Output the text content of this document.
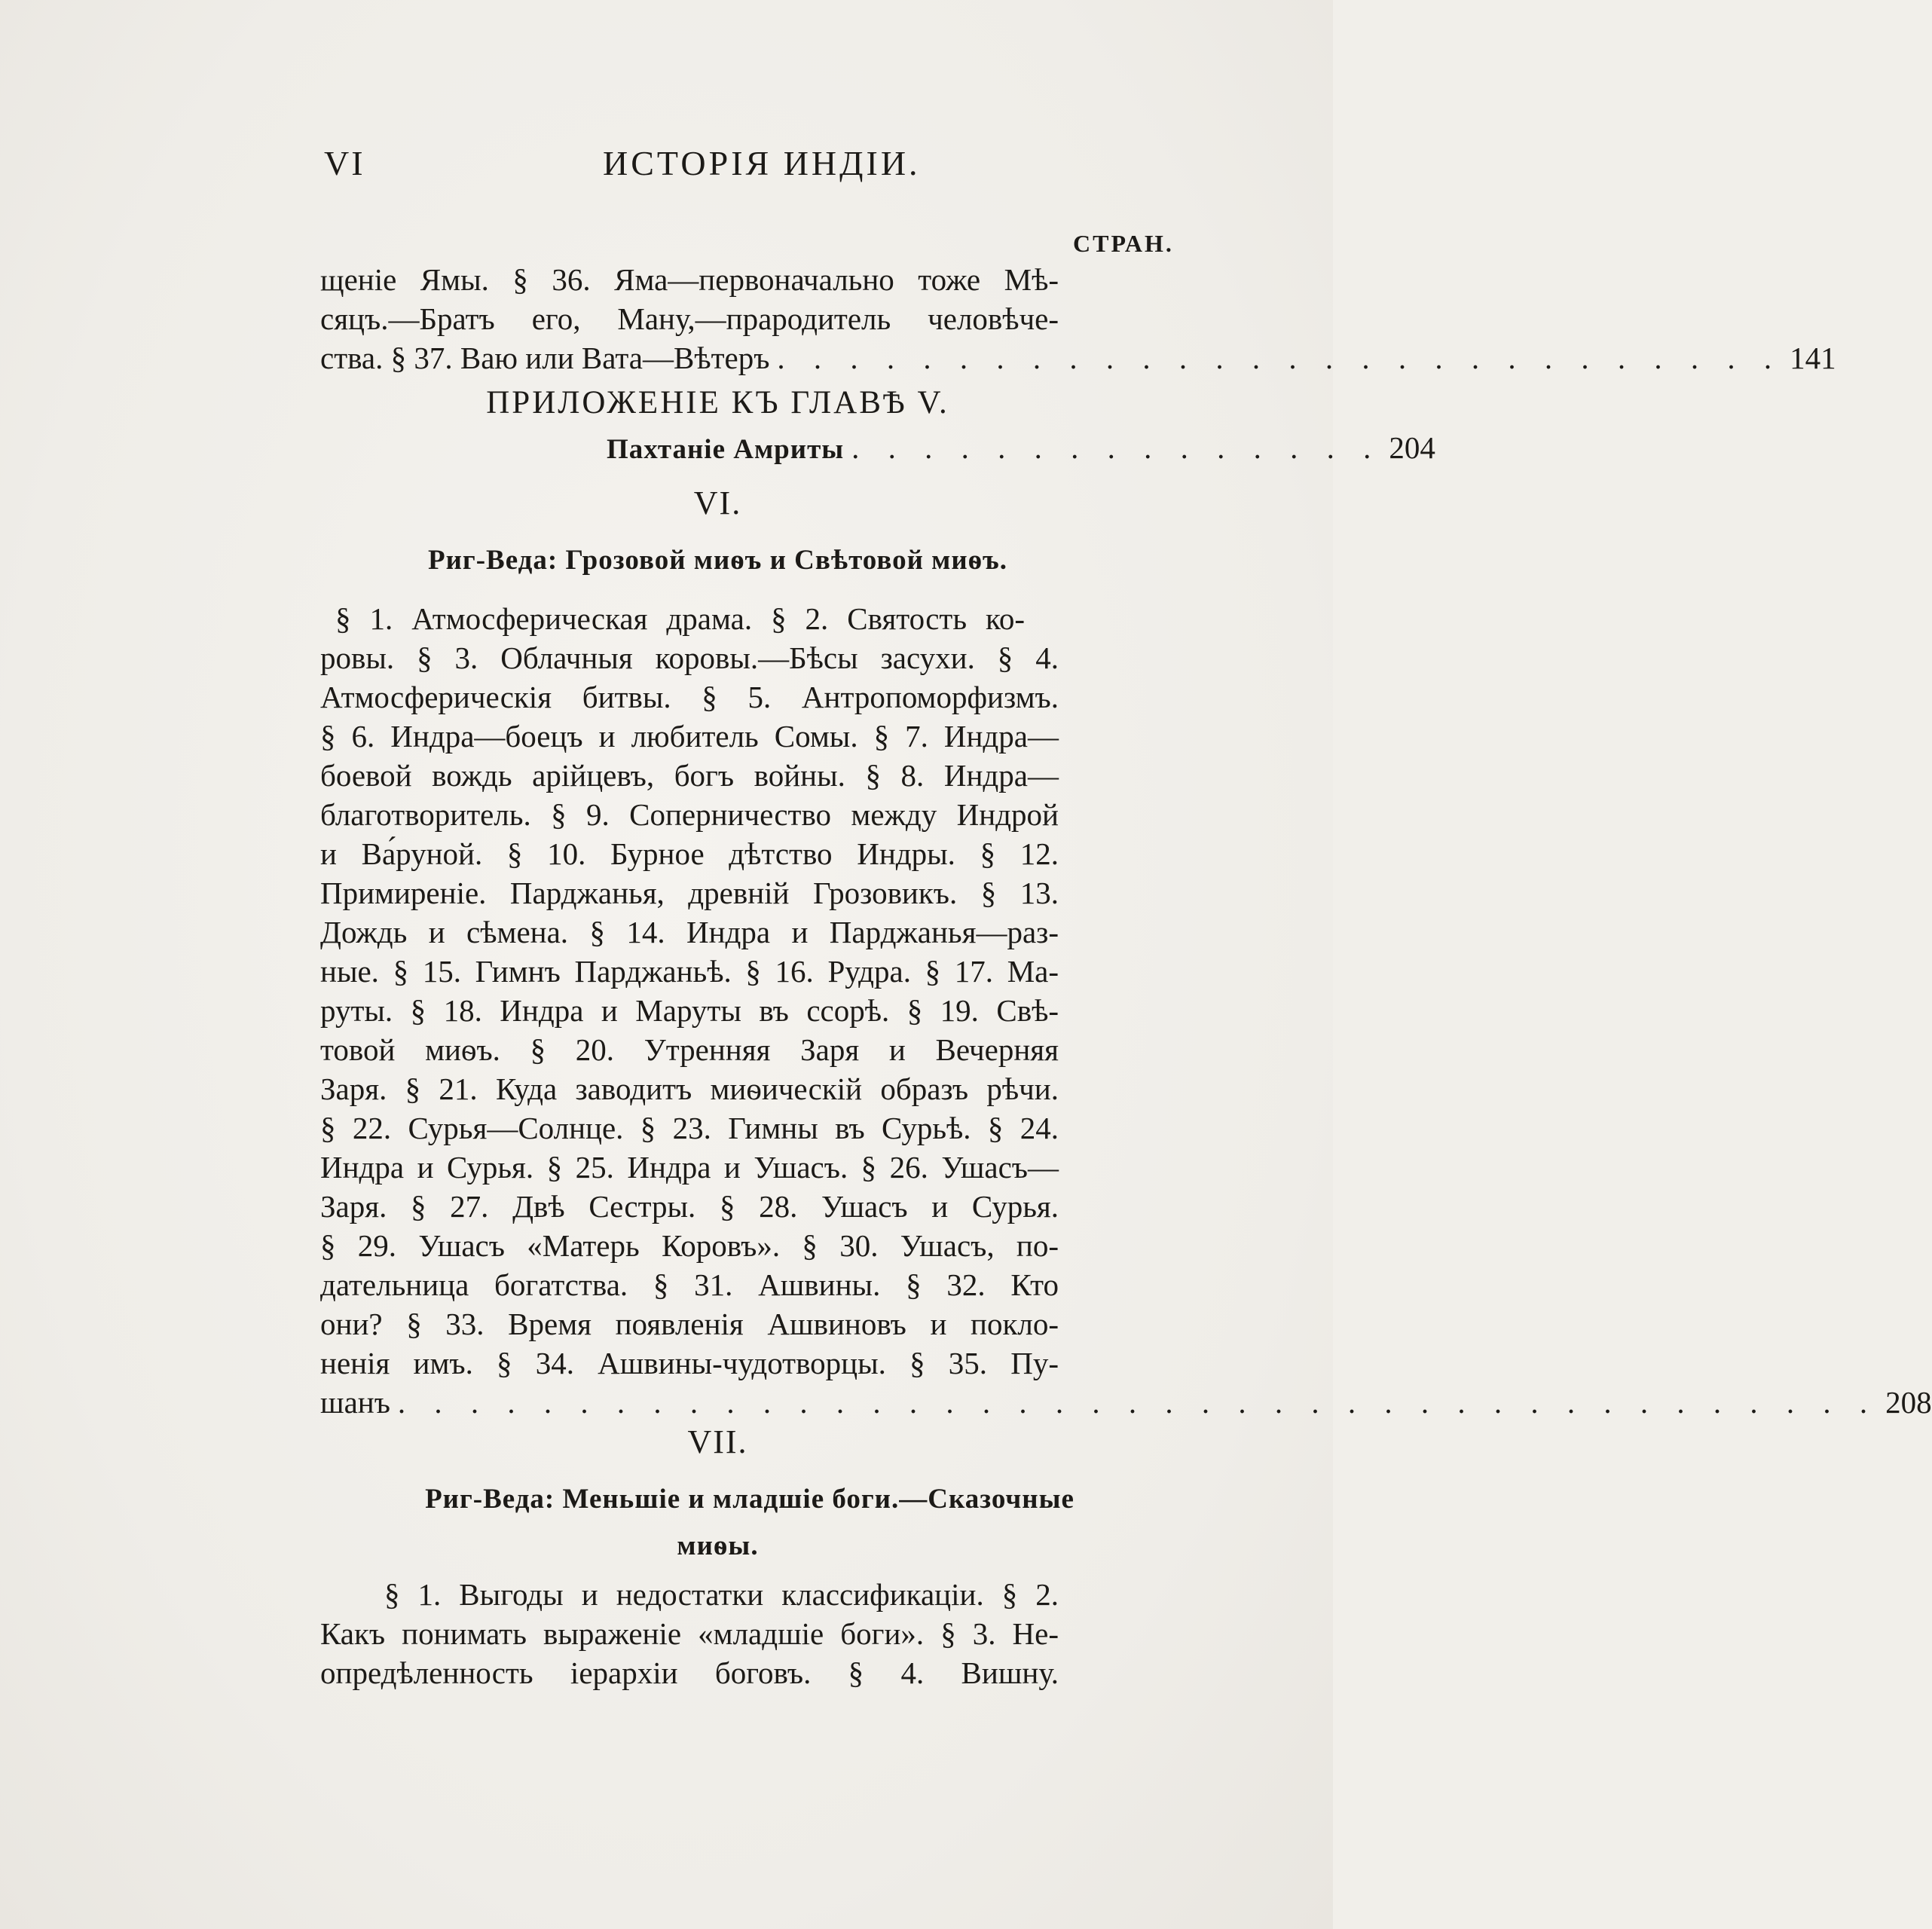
VI	ИСТОРІЯ ИНДІИ.
СТРАН.
щеніе Ямы. § 36. Яма—первоначально тоже Мѣ-
сяцъ.—Братъ его, Ману,—прародитель человѣче-
ства. § 37. Ваю или Вата—Вѣтеръ . . . . . . . . . . . . . . . . . . . . . . . . . . . . 141
ПРИЛОЖЕНІЕ КЪ ГЛАВѢ V.
Пахтаніе Амриты . . . . . . . . . . . . . . . 204
VI.
Риг-Веда: Грозовой миѳъ и Свѣтовой миѳъ.
§ 1. Атмосферическая драма. § 2. Святость ко-
ровы. § 3. Облачныя коровы.—Бѣсы засухи. § 4.
Атмосферическія битвы. § 5. Антропоморфизмъ.
§ 6. Индра—боецъ и любитель Сомы. § 7. Индра—
боевой вождь арійцевъ, богъ войны. § 8. Индра—
благотворитель. § 9. Соперничество между Индрой
и Ва́руной. § 10. Бурное дѣтство Индры. § 12.
Примиреніе. Парджанья, древній Грозовикъ. § 13.
Дождь и сѣмена. § 14. Индра и Парджанья—раз-
ные. § 15. Гимнъ Парджаньѣ. § 16. Рудра. § 17. Ма-
руты. § 18. Индра и Маруты въ ссорѣ. § 19. Свѣ-
товой миѳъ. § 20. Утренняя Заря и Вечерняя
Заря. § 21. Куда заводитъ миѳическій образъ рѣчи.
§ 22. Сурья—Солнце. § 23. Гимны въ Сурьѣ. § 24.
Индра и Сурья. § 25. Индра и Ушасъ. § 26. Ушасъ—
Заря. § 27. Двѣ Сестры. § 28. Ушасъ и Сурья.
§ 29. Ушасъ «Матерь Коровъ». § 30. Ушасъ, по-
дательница богатства. § 31. Ашвины. § 32. Кто
они? § 33. Время появленія Ашвиновъ и покло-
ненія имъ. § 34. Ашвины-чудотворцы. § 35. Пу-
шанъ . . . . . . . . . . . . . . . . . . . . . . . . . . . . . . . . . . . . . . . . . 208
VII.
Риг-Веда: Меньшіе и младшіе боги.—Сказочные
миѳы.
§ 1. Выгоды и недостатки классификаціи. § 2.
Какъ понимать выраженіе «младшіе боги». § 3. Не-
опредѣленность іерархіи боговъ. § 4. Вишну.
